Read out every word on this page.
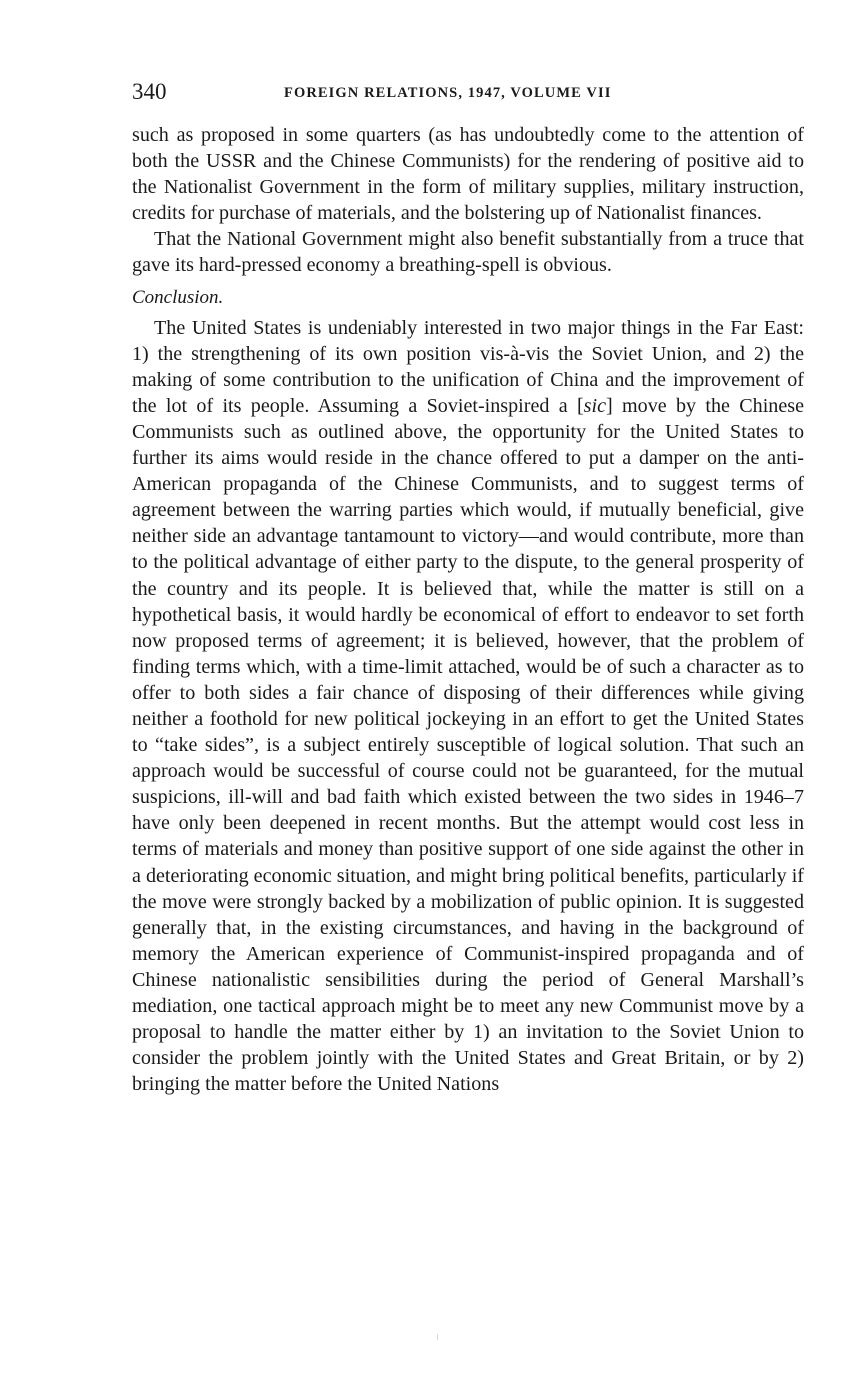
340	FOREIGN RELATIONS, 1947, VOLUME VII

such as proposed in some quarters (as has undoubtedly come to the attention of both the USSR and the Chinese Communists) for the rendering of positive aid to the Nationalist Government in the form of military supplies, military instruction, credits for purchase of materials, and the bolstering up of Nationalist finances.

That the National Government might also benefit substantially from a truce that gave its hard-pressed economy a breathing-spell is obvious.

Conclusion.

The United States is undeniably interested in two major things in the Far East: 1) the strengthening of its own position vis-à-vis the Soviet Union, and 2) the making of some contribution to the unification of China and the improvement of the lot of its people. Assuming a Soviet-inspired a [sic] move by the Chinese Communists such as outlined above, the opportunity for the United States to further its aims would reside in the chance offered to put a damper on the anti-American propaganda of the Chinese Communists, and to suggest terms of agreement between the warring parties which would, if mutually beneficial, give neither side an advantage tantamount to victory—and would contribute, more than to the political advantage of either party to the dispute, to the general prosperity of the country and its people. It is believed that, while the matter is still on a hypothetical basis, it would hardly be economical of effort to endeavor to set forth now proposed terms of agreement; it is believed, however, that the problem of finding terms which, with a time-limit attached, would be of such a character as to offer to both sides a fair chance of disposing of their differences while giving neither a foothold for new political jockeying in an effort to get the United States to “take sides”, is a subject entirely susceptible of logical solution. That such an approach would be successful of course could not be guaranteed, for the mutual suspicions, ill-will and bad faith which existed between the two sides in 1946–7 have only been deepened in recent months. But the attempt would cost less in terms of materials and money than positive support of one side against the other in a deteriorating economic situation, and might bring political benefits, particularly if the move were strongly backed by a mobilization of public opinion. It is suggested generally that, in the existing circumstances, and having in the background of memory the American experience of Communist-inspired propaganda and of Chinese nationalistic sensibilities during the period of General Marshall’s mediation, one tactical approach might be to meet any new Communist move by a proposal to handle the matter either by 1) an invitation to the Soviet Union to consider the problem jointly with the United States and Great Britain, or by 2) bringing the matter before the United Nations
